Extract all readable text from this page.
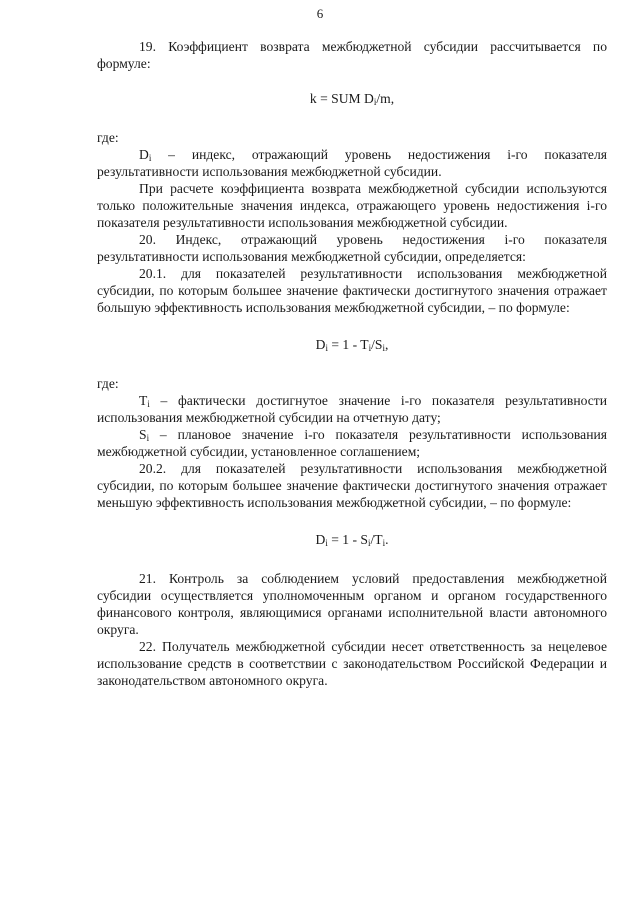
6

19. Коэффициент возврата межбюджетной субсидии рассчитывается по формуле:

k = SUM $D_i/m$,

где:

$D_i$ – индекс, отражающий уровень недостижения i-го показателя результативности использования межбюджетной субсидии.

При расчете коэффициента возврата межбюджетной субсидии используются только положительные значения индекса, отражающего уровень недостижения i-го показателя результативности использования межбюджетной субсидии.

20. Индекс, отражающий уровень недостижения i-го показателя результативности использования межбюджетной субсидии, определяется:

20.1. для показателей результативности использования межбюджетной субсидии, по которым большее значение фактически достигнутого значения отражает большую эффективность использования межбюджетной субсидии, – по формуле:

$D_i = 1 - T_i/S_i$,

где:

$T_i$ – фактически достигнутое значение i-го показателя результативности использования межбюджетной субсидии на отчетную дату;

$S_i$ – плановое значение i-го показателя результативности использования межбюджетной субсидии, установленное соглашением;

20.2. для показателей результативности использования межбюджетной субсидии, по которым большее значение фактически достигнутого значения отражает меньшую эффективность использования межбюджетной субсидии, – по формуле:

$D_i = 1 - S_i/T_i$.

21. Контроль за соблюдением условий предоставления межбюджетной субсидии осуществляется уполномоченным органом и органом государственного финансового контроля, являющимися органами исполнительной власти автономного округа.

22. Получатель межбюджетной субсидии несет ответственность за нецелевое использование средств в соответствии с законодательством Российской Федерации и законодательством автономного округа.
